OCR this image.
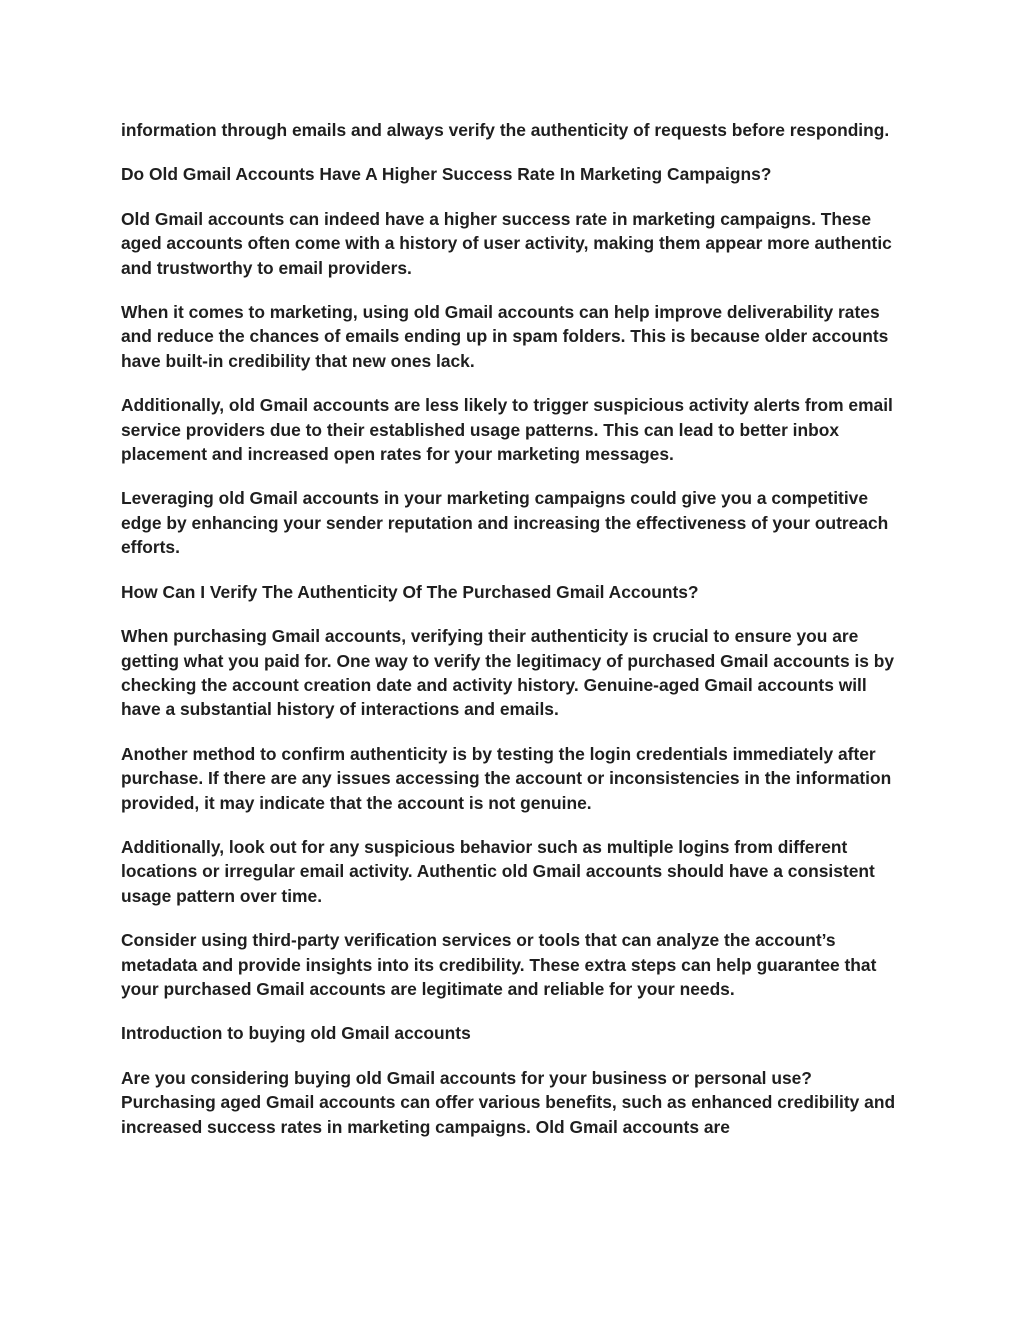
information through emails and always verify the authenticity of requests before responding.

Do Old Gmail Accounts Have A Higher Success Rate In Marketing Campaigns?

Old Gmail accounts can indeed have a higher success rate in marketing campaigns. These aged accounts often come with a history of user activity, making them appear more authentic and trustworthy to email providers.

When it comes to marketing, using old Gmail accounts can help improve deliverability rates and reduce the chances of emails ending up in spam folders. This is because older accounts have built-in credibility that new ones lack.

Additionally, old Gmail accounts are less likely to trigger suspicious activity alerts from email service providers due to their established usage patterns. This can lead to better inbox placement and increased open rates for your marketing messages.

Leveraging old Gmail accounts in your marketing campaigns could give you a competitive edge by enhancing your sender reputation and increasing the effectiveness of your outreach efforts.

How Can I Verify The Authenticity Of The Purchased Gmail Accounts?

When purchasing Gmail accounts, verifying their authenticity is crucial to ensure you are getting what you paid for. One way to verify the legitimacy of purchased Gmail accounts is by checking the account creation date and activity history. Genuine-aged Gmail accounts will have a substantial history of interactions and emails.

Another method to confirm authenticity is by testing the login credentials immediately after purchase. If there are any issues accessing the account or inconsistencies in the information provided, it may indicate that the account is not genuine.

Additionally, look out for any suspicious behavior such as multiple logins from different locations or irregular email activity. Authentic old Gmail accounts should have a consistent usage pattern over time.

Consider using third-party verification services or tools that can analyze the account’s metadata and provide insights into its credibility. These extra steps can help guarantee that your purchased Gmail accounts are legitimate and reliable for your needs.

Introduction to buying old Gmail accounts

Are you considering buying old Gmail accounts for your business or personal use? Purchasing aged Gmail accounts can offer various benefits, such as enhanced credibility and increased success rates in marketing campaigns. Old Gmail accounts are
